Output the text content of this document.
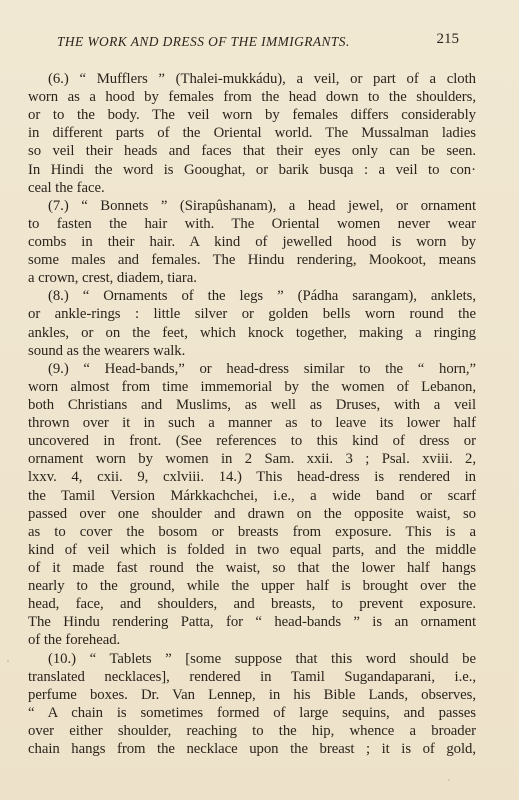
THE WORK AND DRESS OF THE IMMIGRANTS.	215
(6.) “ Mufflers ” (Thalei-mukkádu), a veil, or part of a cloth
worn as a hood by females from the head down to the shoulders,
or to the body. The veil worn by females differs considerably
in different parts of the Oriental world. The Mussalman ladies
so veil their heads and faces that their eyes only can be seen.
In Hindi the word is Gooughat, or barik busqa : a veil to con·
ceal the face.
(7.) “ Bonnets ” (Sirapûshanam), a head jewel, or ornament
to fasten the hair with. The Oriental women never wear
combs in their hair. A kind of jewelled hood is worn by
some males and females. The Hindu rendering, Mookoot, means
a crown, crest, diadem, tiara.
(8.) “ Ornaments of the legs ” (Pádha sarangam), anklets,
or ankle-rings : little silver or golden bells worn round the
ankles, or on the feet, which knock together, making a ringing
sound as the wearers walk.
(9.) “ Head-bands,” or head-dress similar to the “ horn,”
worn almost from time immemorial by the women of Lebanon,
both Christians and Muslims, as well as Druses, with a veil
thrown over it in such a manner as to leave its lower half
uncovered in front. (See references to this kind of dress or
ornament worn by women in 2 Sam. xxii. 3 ; Psal. xviii. 2,
lxxv. 4, cxii. 9, cxlviii. 14.) This head-dress is rendered in
the Tamil Version Márkkachchei, i.e., a wide band or scarf
passed over one shoulder and drawn on the opposite waist, so
as to cover the bosom or breasts from exposure. This is a
kind of veil which is folded in two equal parts, and the middle
of it made fast round the waist, so that the lower half hangs
nearly to the ground, while the upper half is brought over the
head, face, and shoulders, and breasts, to prevent exposure.
The Hindu rendering Patta, for “ head-bands ” is an ornament
of the forehead.
(10.) “ Tablets ” [some suppose that this word should be
translated necklaces], rendered in Tamil Sugandaparani, i.e.,
perfume boxes. Dr. Van Lennep, in his Bible Lands, observes,
“ A chain is sometimes formed of large sequins, and passes
over either shoulder, reaching to the hip, whence a broader
chain hangs from the necklace upon the breast ; it is of gold,
